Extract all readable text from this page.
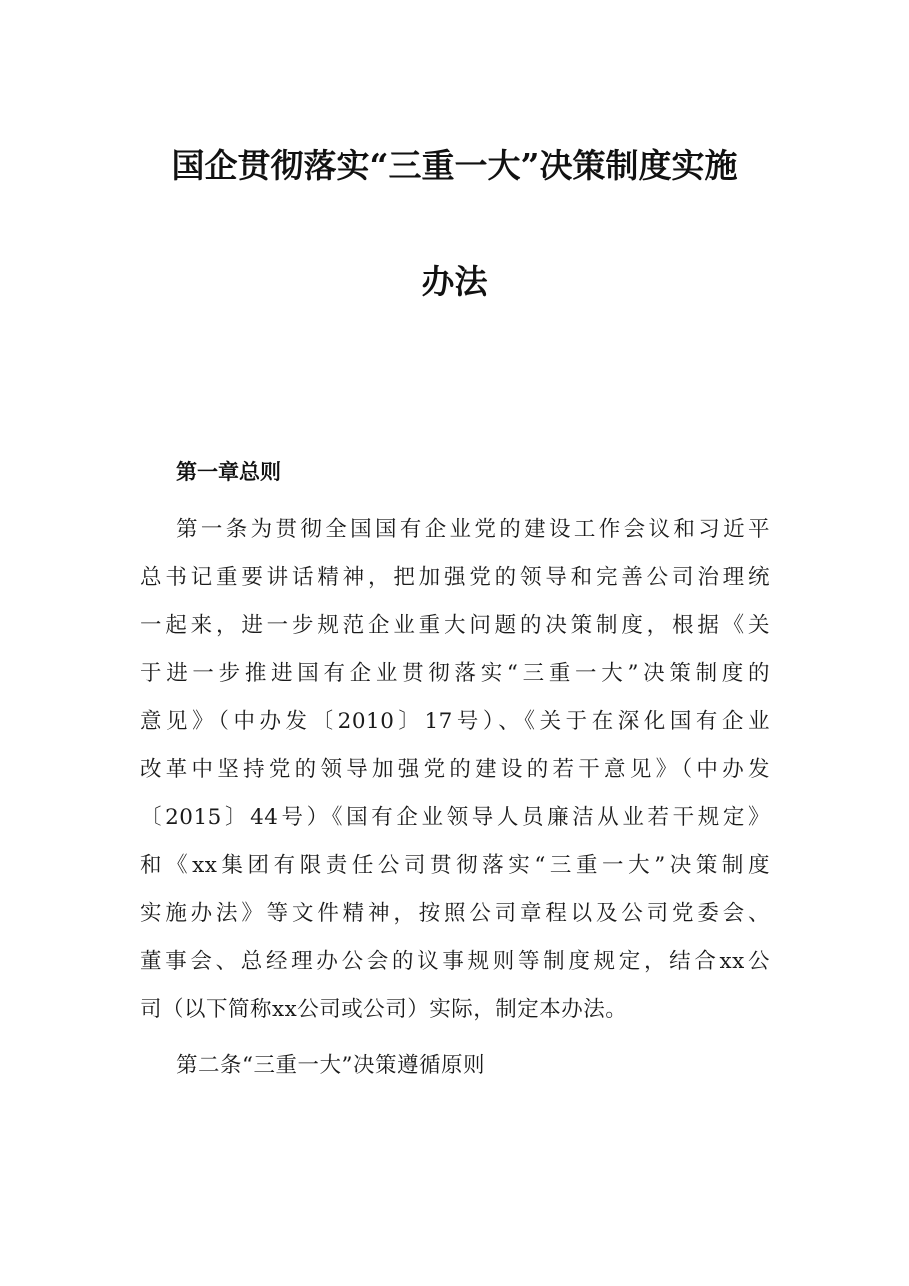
国企贯彻落实“三重一大”决策制度实施
办法
第一章总则
第一条为贯彻全国国有企业党的建设工作会议和习近平
总书记重要讲话精神，把加强党的领导和完善公司治理统
一起来，进一步规范企业重大问题的决策制度，根据《关
于进一步推进国有企业贯彻落实“三重一大”决策制度的
意见》（中办发〔2010〕17号）、《关于在深化国有企业
改革中坚持党的领导加强党的建设的若干意见》（中办发
〔2015〕44号）《国有企业领导人员廉洁从业若干规定》
和《xx集团有限责任公司贯彻落实“三重一大”决策制度
实施办法》等文件精神，按照公司章程以及公司党委会、
董事会、总经理办公会的议事规则等制度规定，结合xx公
司（以下简称xx公司或公司）实际，制定本办法。
第二条“三重一大”决策遵循原则
